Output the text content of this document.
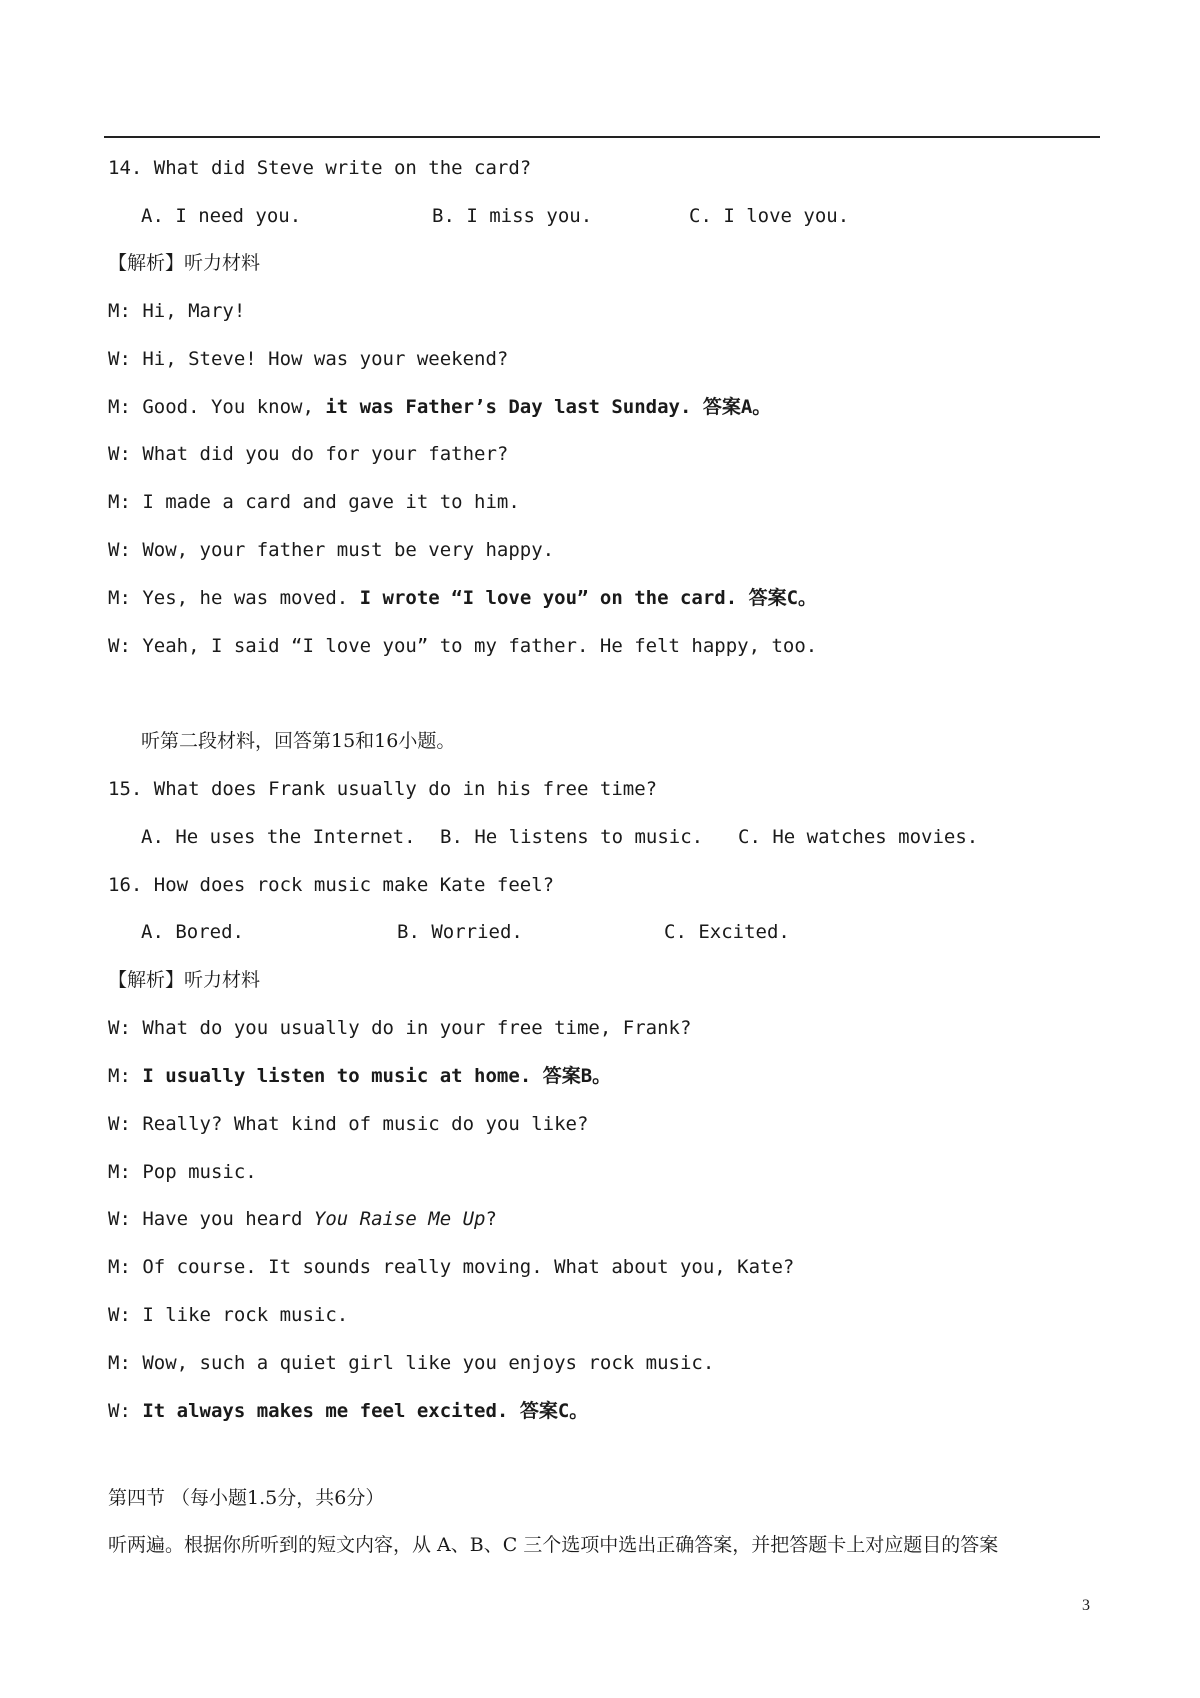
14. What did Steve write on the card?
A. I need you.	B. I miss you.	C. I love you.
【解析】听力材料
M: Hi, Mary!
W: Hi, Steve! How was your weekend?
M: Good. You know, it was Father’s Day last Sunday. 答案A。
W: What did you do for your father?
M: I made a card and gave it to him.
W: Wow, your father must be very happy.
M: Yes, he was moved. I wrote “I love you” on the card. 答案C。
W: Yeah, I said “I love you” to my father. He felt happy, too.
听第二段材料，回答第15和16小题。
15. What does Frank usually do in his free time?
A. He uses the Internet. B. He listens to music. C. He watches movies.
16. How does rock music make Kate feel?
A. Bored.	B. Worried.	C. Excited.
【解析】听力材料
W: What do you usually do in your free time, Frank?
M: I usually listen to music at home. 答案B。
W: Really? What kind of music do you like?
M: Pop music.
W: Have you heard You Raise Me Up?
M: Of course. It sounds really moving. What about you, Kate?
W: I like rock music.
M: Wow, such a quiet girl like you enjoys rock music.
W: It always makes me feel excited. 答案C。
第四节 （每小题1.5分，共6分）
听两遍。根据你所听到的短文内容，从 A、B、C 三个选项中选出正确答案，并把答题卡上对应题目的答案
3
